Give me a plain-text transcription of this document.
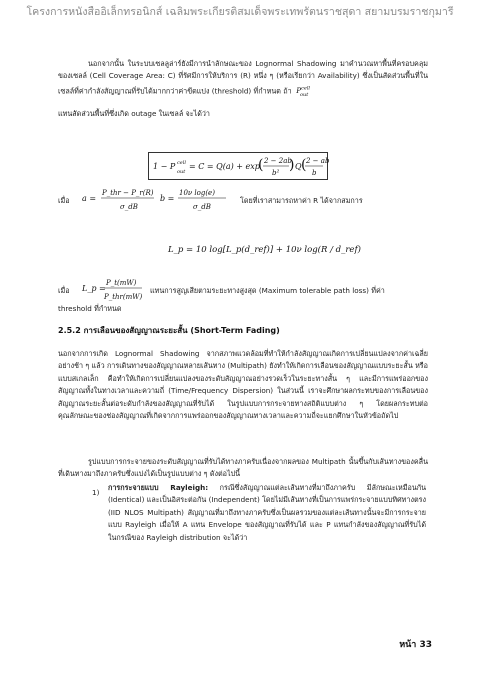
โครงการหนังสืออิเล็กทรอนิกส์ เฉลิมพระเกียรติสมเด็จพระเทพรัตนราชสุดา สยามบรมราชกุมารี
นอกจากนั้น ในระบบเซลลูล่าร์ยังมีการนำลักษณะของ Lognormal Shadowing มาคำนวณหาพื้นที่ครอบคลุมของเซลล์ (Cell Coverage Area: C) ที่รัศมีการให้บริการ (R) หนึ่ง ๆ (หรือเรียกว่า Availability) ซึ่งเป็นสัดส่วนพื้นที่ในเซลล์ที่ค่ากำลังสัญญาณที่รับได้มากกว่าค่าขีดแบ่ง (threshold) ที่กำหนด ถ้า  $P^{cell}_{out}$
แทนสัดส่วนพื้นที่ซึ่งเกิด outage ในเซลล์ จะได้ว่า
1 − P cell
out
= C = Q(a) + exp
( 2 − 2ab
b² ) Q ( 2 − ab
b
เมื่อ a =
P_thr − P_r(R)
σ_dB
b =
10ν log(e)
σ_dB
โดยที่เราสามารถหาค่า R ได้จากสมการ
L_p = 10 log[L_p(d_ref)] + 10ν log(R / d_ref)
เมื่อ L_p =
P_t(mW)
P_thr(mW)
แทนการสูญเสียตามระยะทางสูงสุด (Maximum tolerable path loss) ที่ค่า
threshold ที่กำหนด
2.5.2 การเลือนของสัญญาณระยะสั้น (Short-Term Fading)
นอกจากการเกิด Lognormal Shadowing จากสภาพแวดล้อมที่ทำให้กำลังสัญญาณเกิดการเปลี่ยนแปลงจากค่าเฉลี่ยอย่างช้า ๆ แล้ว การเดินทางของสัญญาณหลายเส้นทาง (Multipath) ยังทำให้เกิดการเลือนของสัญญาณแบบระยะสั้น หรือ แบบสเกลเล็ก คือทำให้เกิดการเปลี่ยนแปลงของระดับสัญญาณอย่างรวดเร็วในระยะทางสั้น ๆ และมีการแพร่ออกของสัญญาณทั้งในทางเวลาและความถี่ (Time/Frequency Dispersion) ในส่วนนี้ เราจะศึกษาผลกระทบของการเลือนของสัญญาณระยะสั้นต่อระดับกำลังของสัญญาณที่รับได้ ในรูปแบบการกระจายทางสถิติแบบต่าง ๆ โดยผลกระทบต่อคุณลักษณะของช่องสัญญาณที่เกิดจากการแพร่ออกของสัญญาณทางเวลาและความถี่จะแยกศึกษาในหัวข้อถัดไป
รูปแบบการกระจายของระดับสัญญาณที่รับได้ทางภาครับเนื่องจากผลของ Multipath นั้นขึ้นกับเส้นทางของคลื่นที่เดินทางมาถึงภาครับซึ่งแบ่งได้เป็นรูปแบบต่าง ๆ ดังต่อไปนี้
1)
การกระจายแบบ Rayleigh: กรณีซึ่งสัญญาณแต่ละเส้นทางที่มาถึงภาครับ มีลักษณะเหมือนกัน (Identical) และเป็นอิสระต่อกัน (Independent) โดยไม่มีเส้นทางที่เป็นการแพร่กระจายแบบทิศทางตรง (IID NLOS Multipath) สัญญาณที่มาถึงทางภาครับซึ่งเป็นผลรวมของแต่ละเส้นทางนั้นจะมีการกระจายแบบ Rayleigh เมื่อให้ A แทน Envelope ของสัญญาณที่รับได้ และ P แทนกำลังของสัญญาณที่รับได้ ในกรณีของ Rayleigh distribution จะได้ว่า
หน้า 33
